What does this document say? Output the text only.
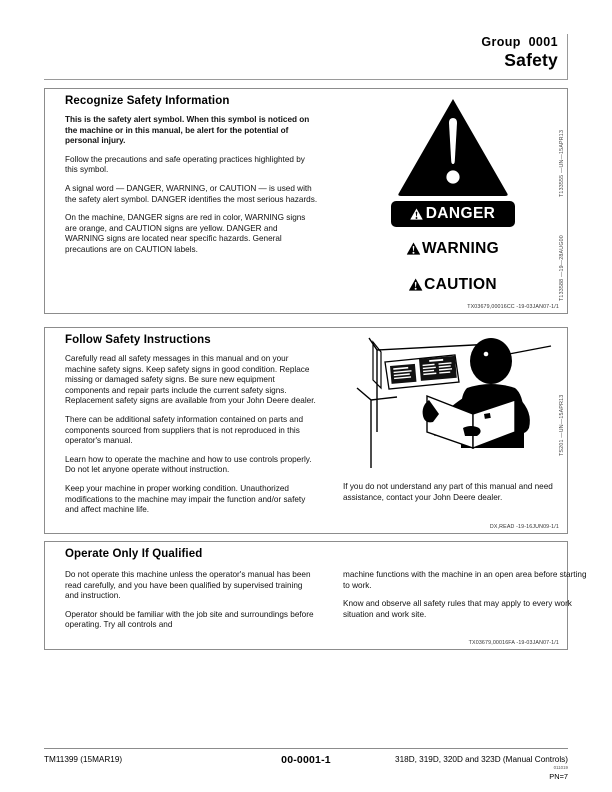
Group  0001
Safety
Recognize Safety Information

This is the safety alert symbol. When this symbol is noticed on the machine or in this manual, be alert for the potential of personal injury.

Follow the precautions and safe operating practices highlighted by this symbol.

A signal word — DANGER, WARNING, or CAUTION — is used with the safety alert symbol. DANGER identifies the most serious hazards.

On the machine, DANGER signs are red in color, WARNING signs are orange, and CAUTION signs are yellow. DANGER and WARNING signs are located near specific hazards. General precautions are on CAUTION labels.

DANGER
WARNING
CAUTION
T133555 —UN—15APR13
T133588 —19—28AUG00
TX03679,00016CC -19-03JAN07-1/1
Follow Safety Instructions

Carefully read all safety messages in this manual and on your machine safety signs. Keep safety signs in good condition. Replace missing or damaged safety signs. Be sure new equipment components and repair parts include the current safety signs. Replacement safety signs are available from your John Deere dealer.

There can be additional safety information contained on parts and components sourced from suppliers that is not reproduced in this operator's manual.

Learn how to operate the machine and how to use controls properly. Do not let anyone operate without instruction.

Keep your machine in proper working condition. Unauthorized modifications to the machine may impair the function and/or safety and affect machine life.

If you do not understand any part of this manual and need assistance, contact your John Deere dealer.

TS201 —UN—15APR13
DX,READ -19-16JUN09-1/1
Operate Only If Qualified

Do not operate this machine unless the operator's manual has been read carefully, and you have been qualified by supervised training and instruction.

Operator should be familiar with the job site and surroundings before operating. Try all controls and

machine functions with the machine in an open area before starting to work.

Know and observe all safety rules that may apply to every work situation and work site.

TX03679,00016FA -19-03JAN07-1/1
TM11399 (15MAR19)	00-0001-1	318D, 319D, 320D and 323D (Manual Controls)
011019
PN=7
